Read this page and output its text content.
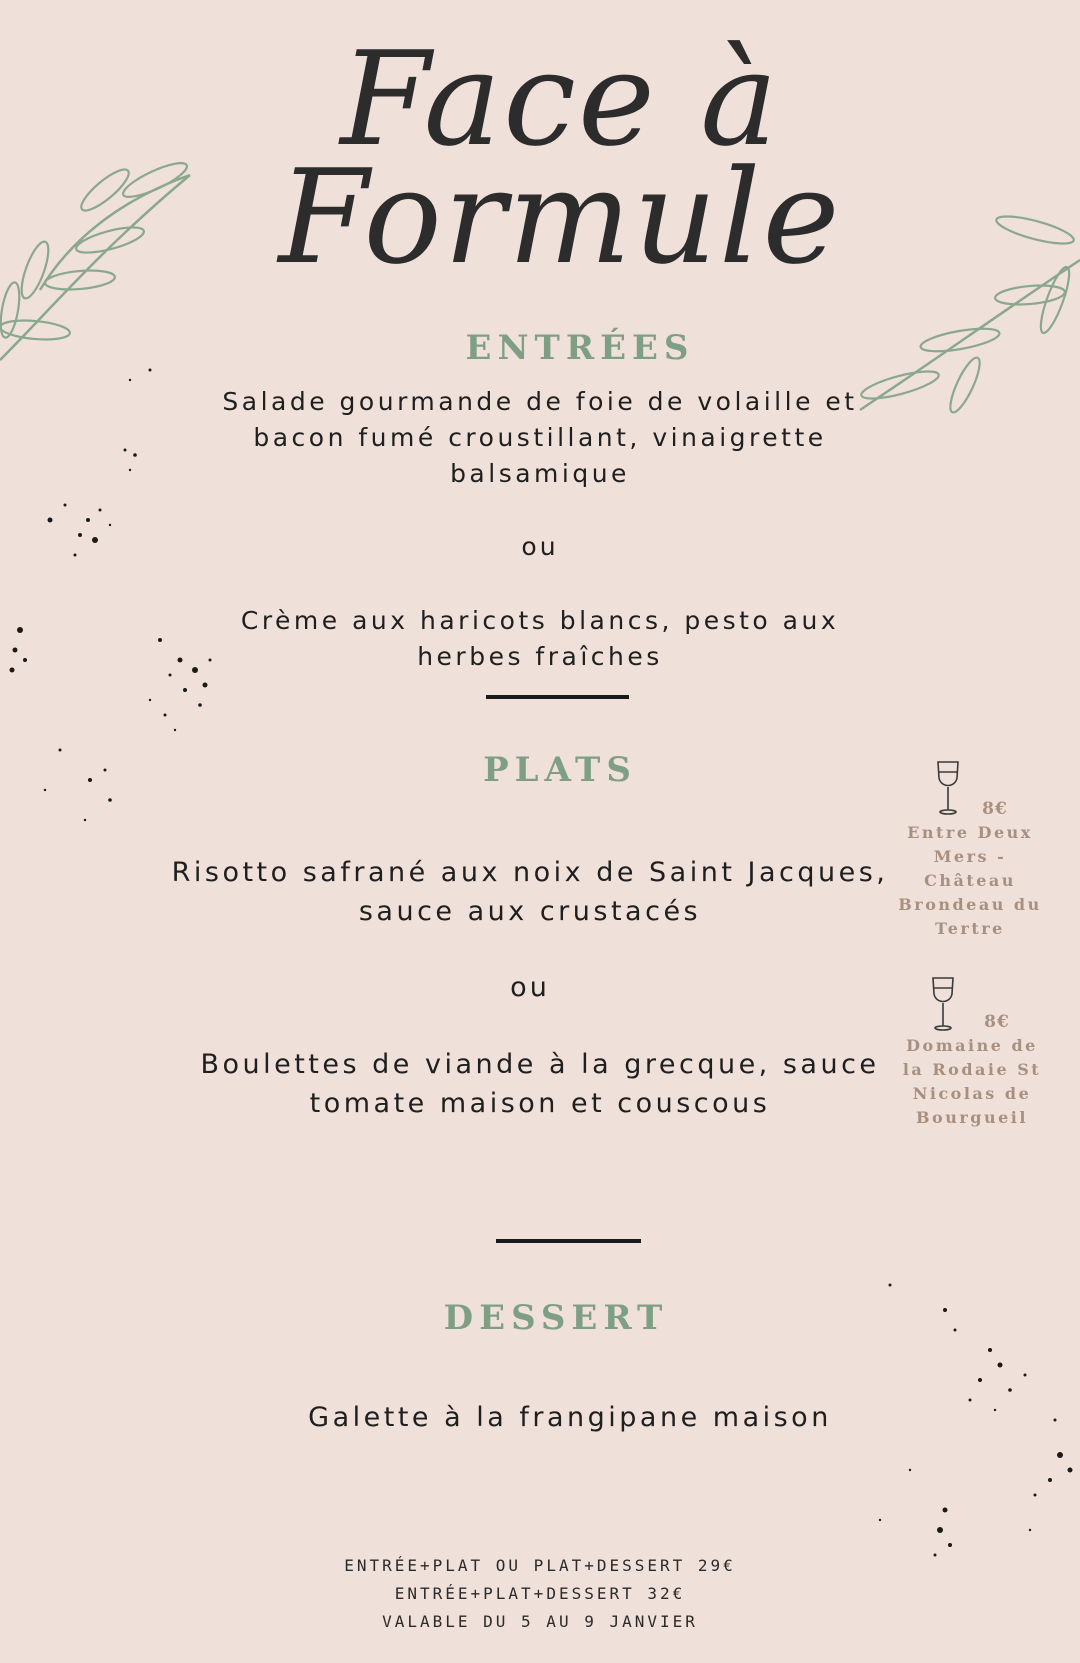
Face à
Formule
ENTRÉES
Salade gourmande de foie de volaille et
bacon fumé croustillant, vinaigrette
balsamique
ou
Crème aux haricots blancs, pesto aux
herbes fraîches
PLATS
Risotto safrané aux noix de Saint Jacques,
sauce aux crustacés
ou
Boulettes de viande à la grecque, sauce
tomate maison et couscous
8€
Entre Deux
Mers -
Château
Brondeau du
Tertre
8€
Domaine de
la Rodaie St
Nicolas de
Bourgueil
DESSERT
Galette à la frangipane maison
ENTRÉE+PLAT OU PLAT+DESSERT 29€
ENTRÉE+PLAT+DESSERT 32€
VALABLE DU 5 AU 9 JANVIER
